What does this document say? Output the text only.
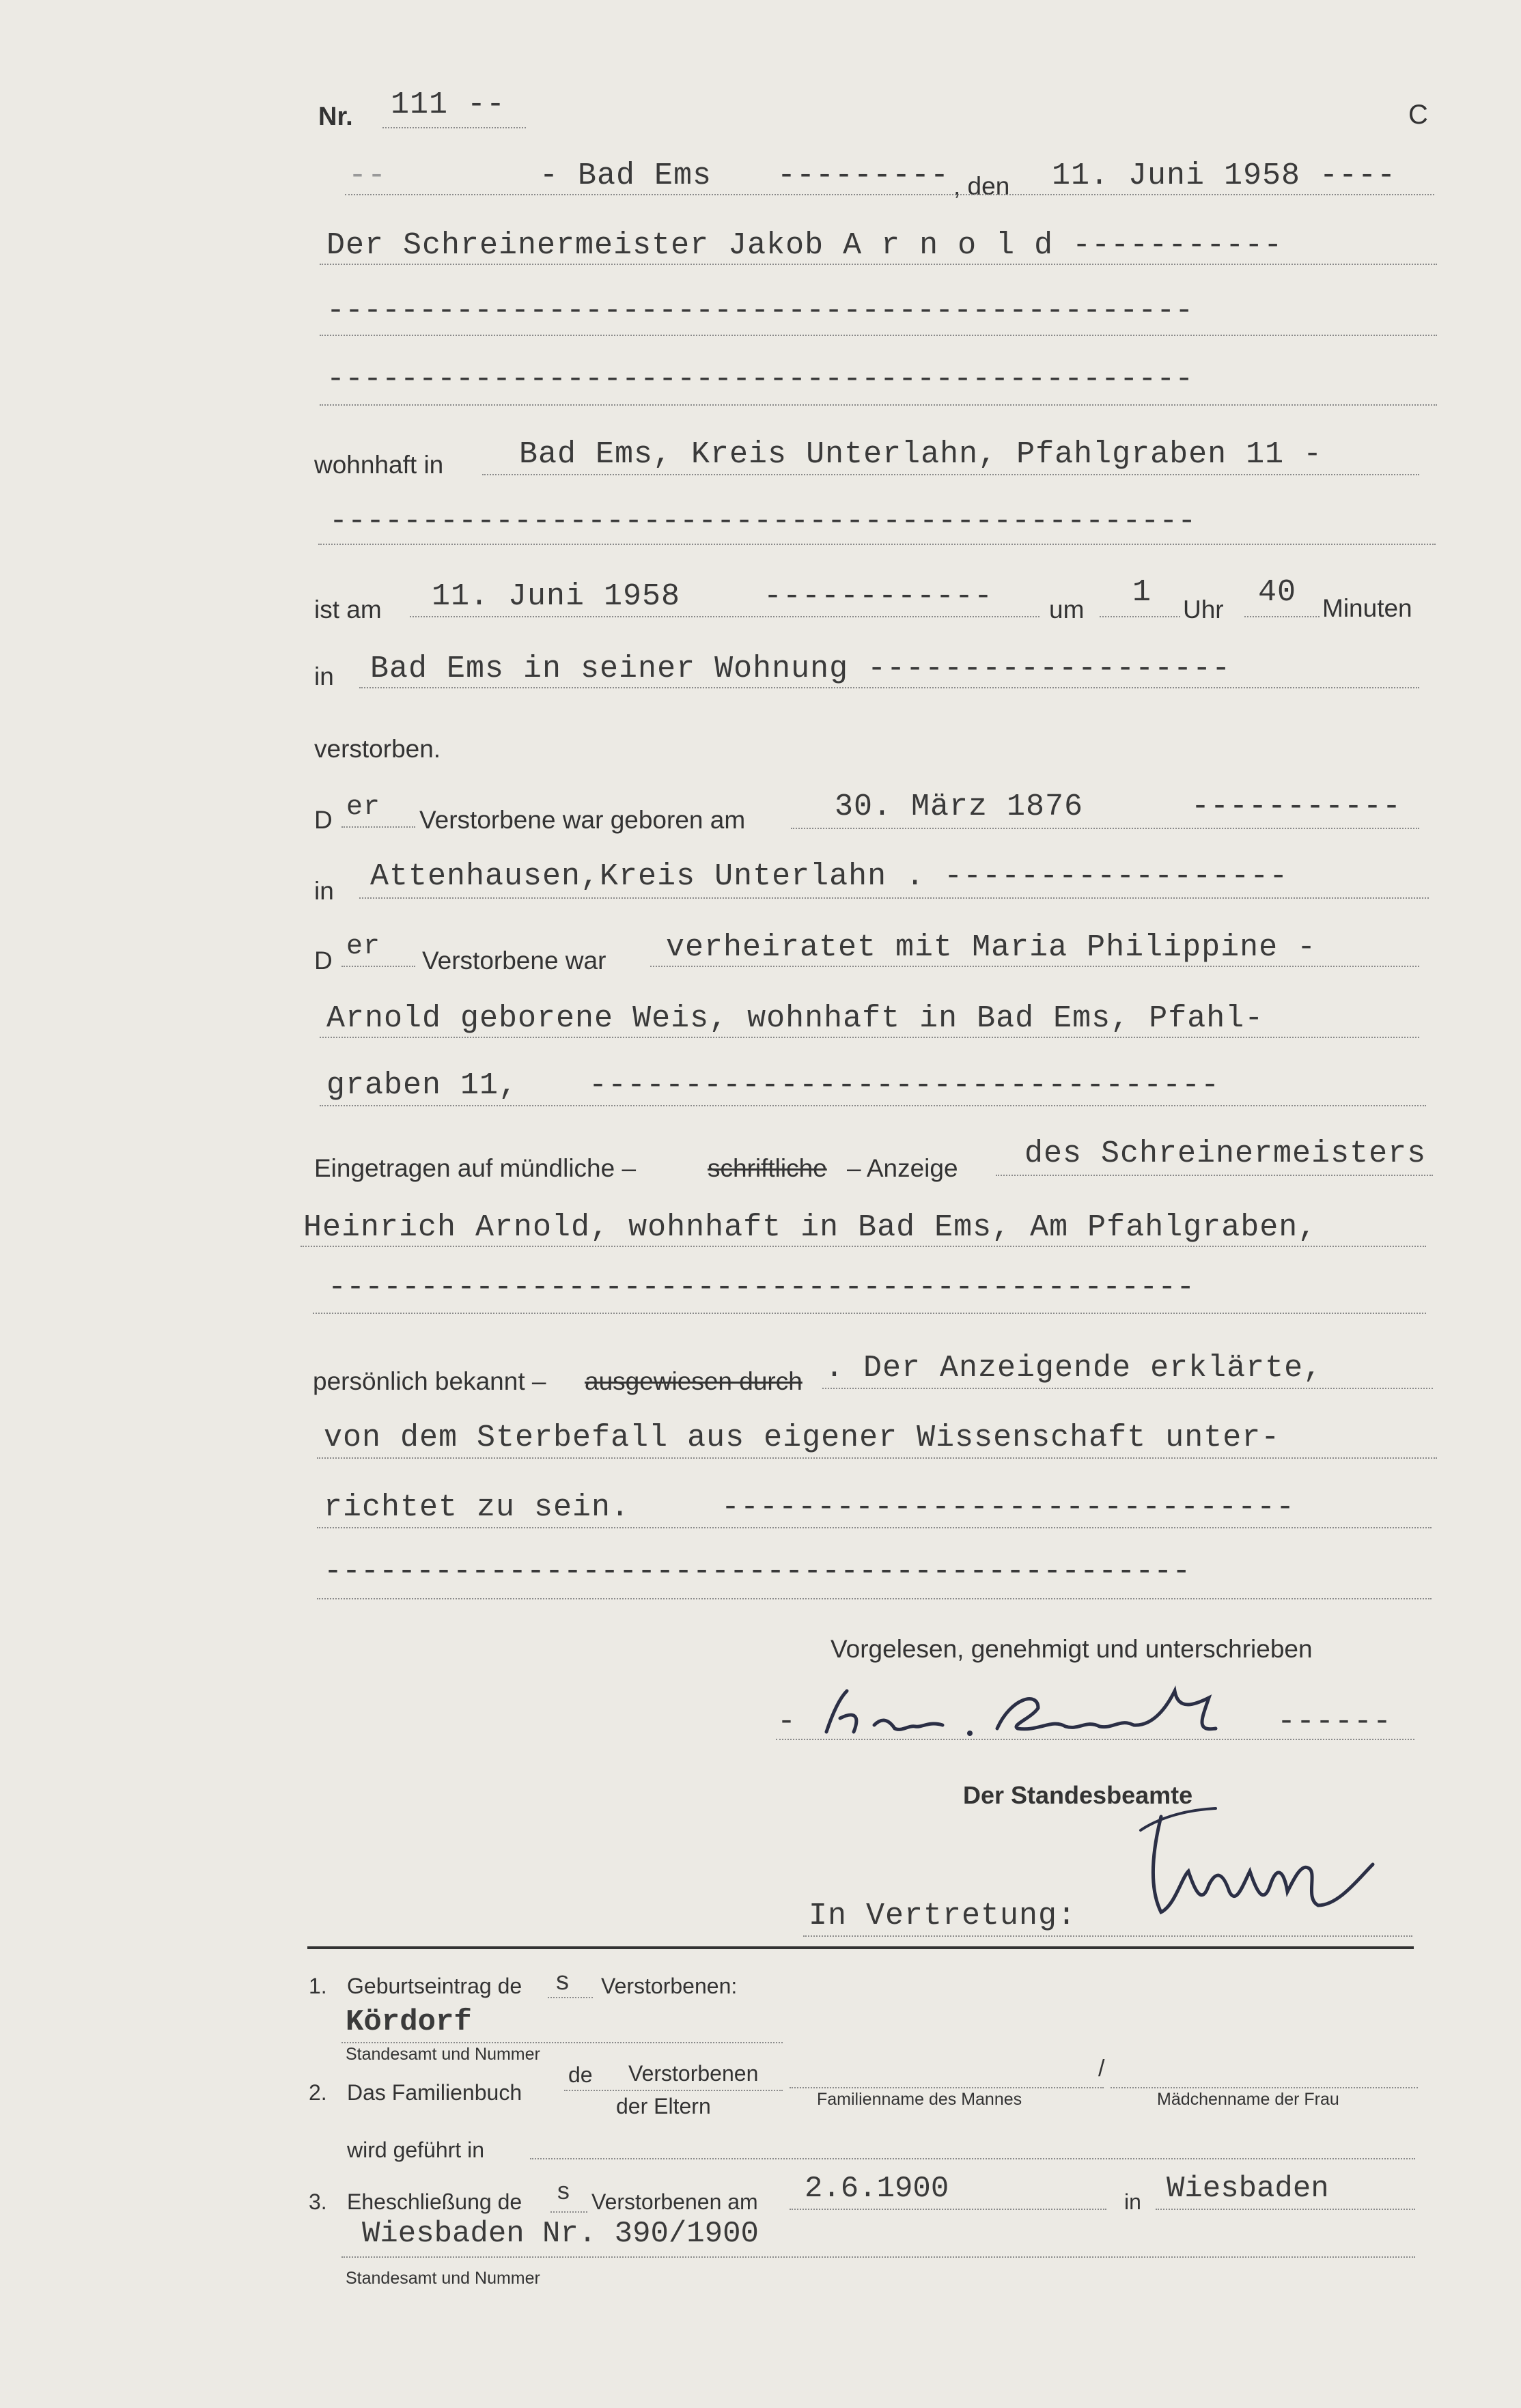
Nr. 111 --	C
--	- Bad Ems --------- , den 11. Juni 1958 ----
Der Schreinermeister Jakob A r n o l d -----------
-----------------------------------------------
-----------------------------------------------
wohnhaft in Bad Ems, Kreis Unterlahn, Pfahlgraben 11 -
-----------------------------------------------
ist am 11. Juni 1958	------------ um 1 Uhr 40 Minuten
in Bad Ems in seiner Wohnung -------------------
verstorben.
D er Verstorbene war geboren am	30. März 1876	-----------
in Attenhausen,Kreis Unterlahn . ------------------
D er Verstorbene war verheiratet mit Maria Philippine -
Arnold geborene Weis, wohnhaft in Bad Ems, Pfahl-
graben 11, ---------------------------------
Eingetragen auf mündliche –	schriftliche – Anzeige des Schreinermeisters
Heinrich Arnold, wohnhaft in Bad Ems, Am Pfahlgraben,
-----------------------------------------------
persönlich bekannt – ausgewiesen durch . Der Anzeigende erklärte,
von dem Sterbefall aus eigener Wissenschaft unter-
richtet zu sein.	------------------------------
-----------------------------------------------
Vorgelesen, genehmigt und unterschrieben
-	------
Der Standesbeamte
In Vertretung:
1. Geburtseintrag de s Verstorbenen:
Kördorf
Standesamt und Nummer
2. Das Familienbuch
de Verstorbenen
der Eltern	Familienname des Mannes
/
Mädchenname der Frau
wird geführt in
3. Eheschließung de s Verstorbenen am 2.6.1900	in Wiesbaden
Wiesbaden Nr. 390/1900
Standesamt und Nummer
